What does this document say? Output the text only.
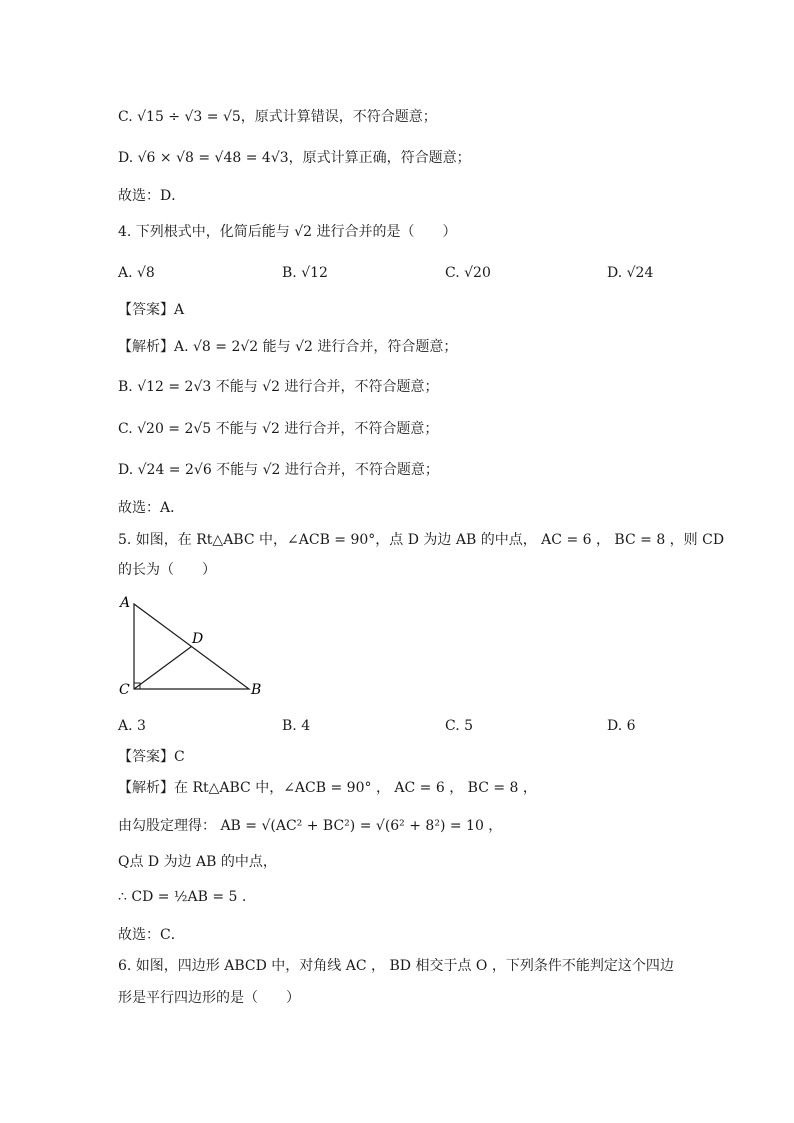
C. √15 ÷ √3 = √5，原式计算错误，不符合题意；
D. √6 × √8 = √48 = 4√3，原式计算正确，符合题意；
故选：D．
4. 下列根式中，化简后能与 √2 进行合并的是（　　）
A. √8	B. √12	C. √20	D. √24
【答案】A
【解析】A. √8 = 2√2 能与 √2 进行合并，符合题意；
B. √12 = 2√3 不能与 √2 进行合并，不符合题意；
C. √20 = 2√5 不能与 √2 进行合并，不符合题意；
D. √24 = 2√6 不能与 √2 进行合并，不符合题意；
故选：A．
5. 如图，在 Rt△ABC 中，∠ACB = 90°，点 D 为边 AB 的中点， AC = 6 ， BC = 8 ，则 CD
的长为（　　）
A
D
C	B
A. 3	B. 4	C. 5	D. 6
【答案】C
【解析】在 Rt△ABC 中，∠ACB = 90° ， AC = 6 ， BC = 8 ，
由勾股定理得： AB = √(AC² + BC²) = √(6² + 8²) = 10 ，
Q点 D 为边 AB 的中点，
∴ CD = ½AB = 5 .
故选：C．
6. 如图，四边形 ABCD 中，对角线 AC ， BD 相交于点 O ，下列条件不能判定这个四边
形是平行四边形的是（　　）
